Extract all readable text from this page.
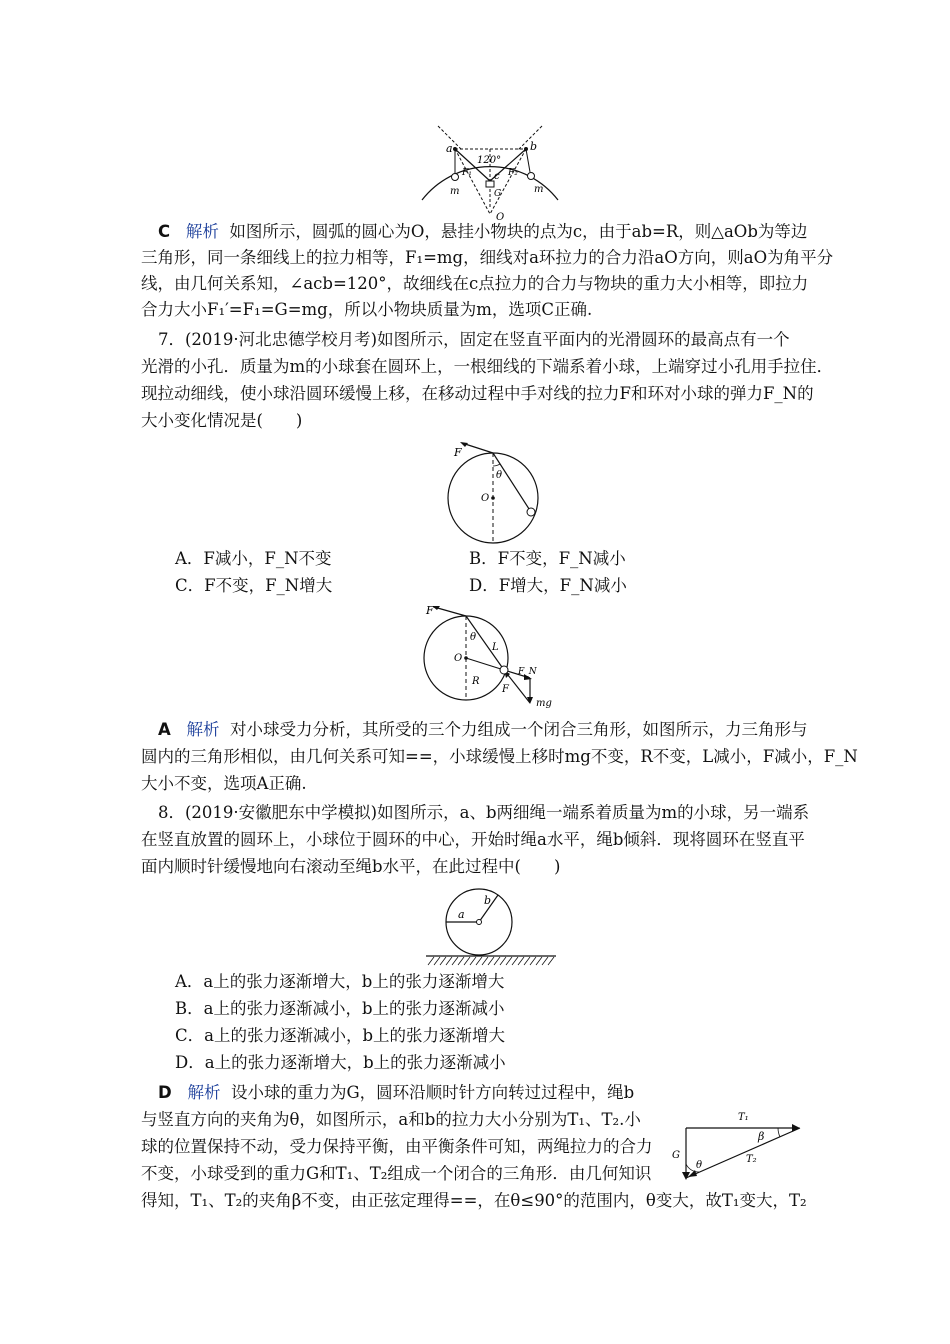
a	b
120°
c
O
F₁	F₂
G
m	m
C 解析 如图所示，圆弧的圆心为O，悬挂小物块的点为c，由于ab=R，则△aOb为等边
三角形，同一条细线上的拉力相等，F₁=mg，细线对a环拉力的合力沿aO方向，则aO为角平分
线，由几何关系知，∠acb=120°，故细线在c点拉力的合力与物块的重力大小相等，即拉力
合力大小F₁′=F₁=G=mg，所以小物块质量为m，选项C正确.
7．(2019·河北忠德学校月考)如图所示，固定在竖直平面内的光滑圆环的最高点有一个
光滑的小孔．质量为m的小球套在圆环上，一根细线的下端系着小球，上端穿过小孔用手拉住．
现拉动细线，使小球沿圆环缓慢上移，在移动过程中手对线的拉力F和环对小球的弹力F_N的
大小变化情况是(　　)
F
θ
O
A．F减小，F_N不变	B．F不变，F_N减小
C．F不变，F_N增大	D．F增大，F_N减小
F
θ
O
L
R
F_N
F
mg
A 解析 对小球受力分析，其所受的三个力组成一个闭合三角形，如图所示，力三角形与
圆内的三角形相似，由几何关系可知==，小球缓慢上移时mg不变，R不变，L减小，F减小，F_N
大小不变，选项A正确.
8．(2019·安徽肥东中学模拟)如图所示，a、b两细绳一端系着质量为m的小球，另一端系
在竖直放置的圆环上，小球位于圆环的中心，开始时绳a水平，绳b倾斜．现将圆环在竖直平
面内顺时针缓慢地向右滚动至绳b水平，在此过程中(　　)
a
b
A．a上的张力逐渐增大，b上的张力逐渐增大
B．a上的张力逐渐减小，b上的张力逐渐减小
C．a上的张力逐渐减小，b上的张力逐渐增大
D．a上的张力逐渐增大，b上的张力逐渐减小
D 解析 设小球的重力为G，圆环沿顺时针方向转过过程中，绳b
与竖直方向的夹角为θ，如图所示，a和b的拉力大小分别为T₁、T₂.小
球的位置保持不动，受力保持平衡，由平衡条件可知，两绳拉力的合力
不变，小球受到的重力G和T₁、T₂组成一个闭合的三角形．由几何知识
得知，T₁、T₂的夹角β不变，由正弦定理得==，在θ≤90°的范围内，θ变大，故T₁变大，T₂
T₁
T₂
β
θ
G
